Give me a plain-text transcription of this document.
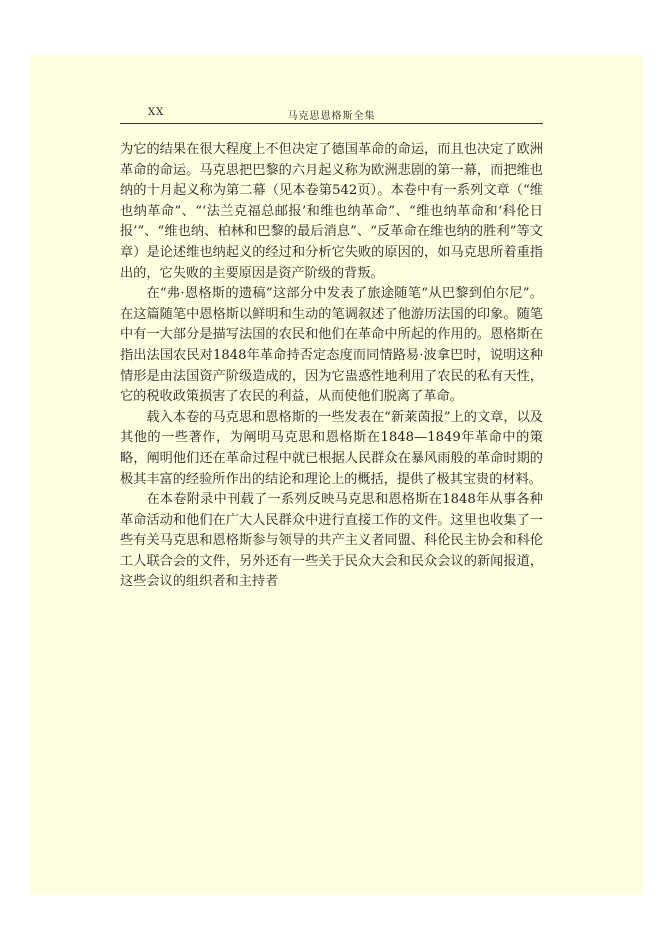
XX	马克思恩格斯全集

为它的结果在很大程度上不但决定了德国革命的命运，而且也决定了欧洲革命的命运。马克思把巴黎的六月起义称为欧洲悲剧的第一幕，而把维也纳的十月起义称为第二幕（见本卷第542页）。本卷中有一系列文章（“维也纳革命”、“‘法兰克福总邮报’和维也纳革命”、“维也纳革命和‘科伦日报’”、“维也纳、柏林和巴黎的最后消息”、“反革命在维也纳的胜利”等文章）是论述维也纳起义的经过和分析它失败的原因的，如马克思所着重指出的，它失败的主要原因是资产阶级的背叛。

在“弗·恩格斯的遗稿”这部分中发表了旅途随笔“从巴黎到伯尔尼”。在这篇随笔中恩格斯以鲜明和生动的笔调叙述了他游历法国的印象。随笔中有一大部分是描写法国的农民和他们在革命中所起的作用的。恩格斯在指出法国农民对1848年革命持否定态度而同情路易·波拿巴时，说明这种情形是由法国资产阶级造成的，因为它蛊惑性地利用了农民的私有天性，它的税收政策损害了农民的利益，从而使他们脱离了革命。

载入本卷的马克思和恩格斯的一些发表在“新莱茵报”上的文章，以及其他的一些著作，为阐明马克思和恩格斯在1848—1849年革命中的策略，阐明他们还在革命过程中就已根据人民群众在暴风雨般的革命时期的极其丰富的经验所作出的结论和理论上的概括，提供了极其宝贵的材料。

在本卷附录中刊载了一系列反映马克思和恩格斯在1848年从事各种革命活动和他们在广大人民群众中进行直接工作的文件。这里也收集了一些有关马克思和恩格斯参与领导的共产主义者同盟、科伦民主协会和科伦工人联合会的文件，另外还有一些关于民众大会和民众会议的新闻报道，这些会议的组织者和主持者
